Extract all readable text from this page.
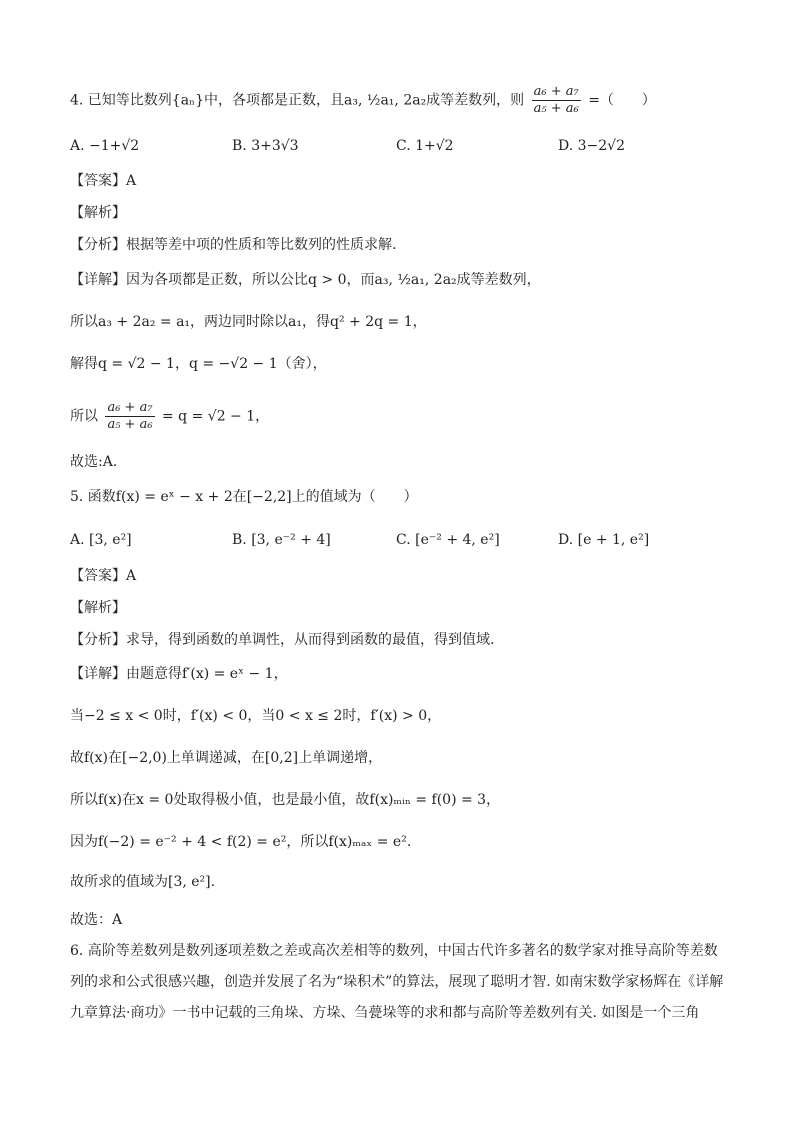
4. 已知等比数列{aₙ}中，各项都是正数，且a₃, ½a₁, 2a₂成等差数列，则 $\frac{\text{a₆ + a₇}}{\text{a₅ + a₆}}$ =（　　）
A. −1+√2	B. 3+3√3	C. 1+√2	D. 3−2√2
【答案】A
【解析】
【分析】根据等差中项的性质和等比数列的性质求解.
【详解】因为各项都是正数，所以公比q > 0，而a₃, ½a₁, 2a₂成等差数列，
所以a₃ + 2a₂ = a₁，两边同时除以a₁，得q² + 2q = 1，
解得q = √2 − 1，q = −√2 − 1（舍），
所以 $\frac{\text{a₆ + a₇}}{\text{a₅ + a₆}} = q = √2 - 1$，
故选:A.
5. 函数f(x) = eˣ − x + 2在[−2,2]上的值域为（　　）
A. [3, e²]	B. [3, e⁻² + 4]	C. [e⁻² + 4, e²]	D. [e + 1, e²]
【答案】A
【解析】
【分析】求导，得到函数的单调性，从而得到函数的最值，得到值域.
【详解】由题意得f′(x) = eˣ − 1，
当−2 ≤ x < 0时，f′(x) < 0，当0 < x ≤ 2时，f′(x) > 0，
故f(x)在[−2,0)上单调递减，在[0,2]上单调递增，
所以f(x)在x = 0处取得极小值，也是最小值，故f(x)ₘᵢₙ = f(0) = 3，
因为f(−2) = e⁻² + 4 < f(2) = e²，所以f(x)ₘₐₓ = e².
故所求的值域为[3, e²].
故选：A
6. 高阶等差数列是数列逐项差数之差或高次差相等的数列，中国古代许多著名的数学家对推导高阶等差数列的求和公式很感兴趣，创造并发展了名为“垛积术”的算法，展现了聪明才智. 如南宋数学家杨辉在《详解九章算法·商功》一书中记载的三角垛、方垛、刍甍垛等的求和都与高阶等差数列有关. 如图是一个三角
